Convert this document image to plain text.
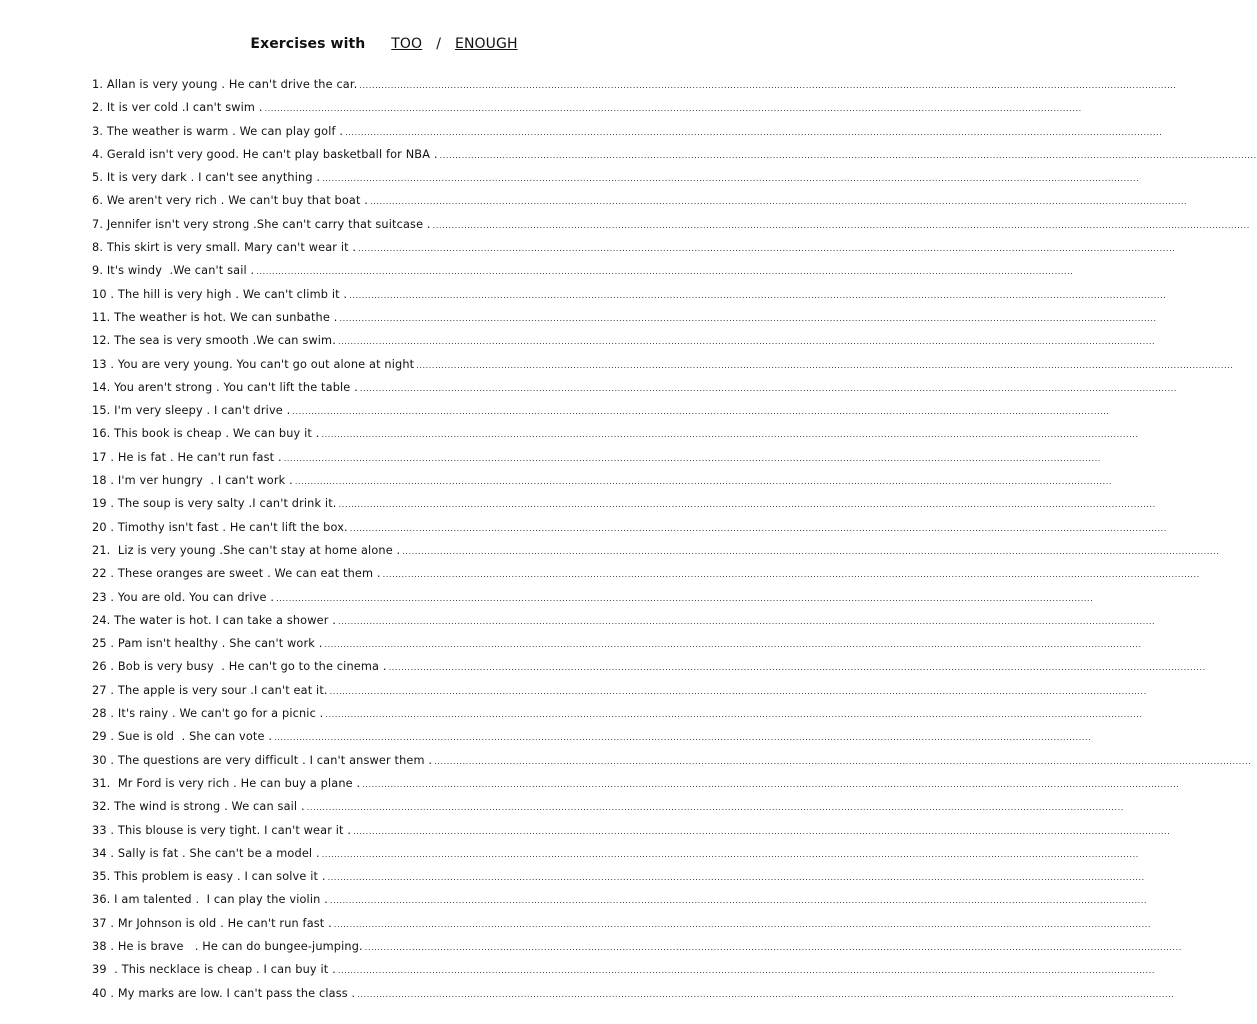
Exercises with TOO / ENOUGH
1. Allan is very young . He can't drive the car. ....................................................................................................................................................................................................................................................................
2. It is ver cold .I can't swim . ....................................................................................................................................................................................................................................................................
3. The weather is warm . We can play golf . ....................................................................................................................................................................................................................................................................
4. Gerald isn't very good. He can't play basketball for NBA . ....................................................................................................................................................................................................................................................................
5. It is very dark . I can't see anything . ....................................................................................................................................................................................................................................................................
6. We aren't very rich . We can't buy that boat . ....................................................................................................................................................................................................................................................................
7. Jennifer isn't very strong .She can't carry that suitcase . ....................................................................................................................................................................................................................................................................
8. This skirt is very small. Mary can't wear it . ....................................................................................................................................................................................................................................................................
9. It's windy  .We can't sail . ....................................................................................................................................................................................................................................................................
10 . The hill is very high . We can't climb it . ....................................................................................................................................................................................................................................................................
11. The weather is hot. We can sunbathe . ....................................................................................................................................................................................................................................................................
12. The sea is very smooth .We can swim. ....................................................................................................................................................................................................................................................................
13 . You are very young. You can't go out alone at night ....................................................................................................................................................................................................................................................................
14. You aren't strong . You can't lift the table . ....................................................................................................................................................................................................................................................................
15. I'm very sleepy . I can't drive . ....................................................................................................................................................................................................................................................................
16. This book is cheap . We can buy it . ....................................................................................................................................................................................................................................................................
17 . He is fat . He can't run fast . ....................................................................................................................................................................................................................................................................
18 . I'm ver hungry  . I can't work . ....................................................................................................................................................................................................................................................................
19 . The soup is very salty .I can't drink it. ....................................................................................................................................................................................................................................................................
20 . Timothy isn't fast . He can't lift the box. ....................................................................................................................................................................................................................................................................
21.  Liz is very young .She can't stay at home alone . ....................................................................................................................................................................................................................................................................
22 . These oranges are sweet . We can eat them . ....................................................................................................................................................................................................................................................................
23 . You are old. You can drive . ....................................................................................................................................................................................................................................................................
24. The water is hot. I can take a shower . ....................................................................................................................................................................................................................................................................
25 . Pam isn't healthy . She can't work . ....................................................................................................................................................................................................................................................................
26 . Bob is very busy  . He can't go to the cinema . ....................................................................................................................................................................................................................................................................
27 . The apple is very sour .I can't eat it. ....................................................................................................................................................................................................................................................................
28 . It's rainy . We can't go for a picnic . ....................................................................................................................................................................................................................................................................
29 . Sue is old  . She can vote . ....................................................................................................................................................................................................................................................................
30 . The questions are very difficult . I can't answer them . ....................................................................................................................................................................................................................................................................
31.  Mr Ford is very rich . He can buy a plane . ....................................................................................................................................................................................................................................................................
32. The wind is strong . We can sail . ....................................................................................................................................................................................................................................................................
33 . This blouse is very tight. I can't wear it . ....................................................................................................................................................................................................................................................................
34 . Sally is fat . She can't be a model . ....................................................................................................................................................................................................................................................................
35. This problem is easy . I can solve it . ....................................................................................................................................................................................................................................................................
36. I am talented .  I can play the violin . ....................................................................................................................................................................................................................................................................
37 . Mr Johnson is old . He can't run fast . ....................................................................................................................................................................................................................................................................
38 . He is brave   . He can do bungee-jumping. ....................................................................................................................................................................................................................................................................
39  . This necklace is cheap . I can buy it . ....................................................................................................................................................................................................................................................................
40 . My marks are low. I can't pass the class . ....................................................................................................................................................................................................................................................................
